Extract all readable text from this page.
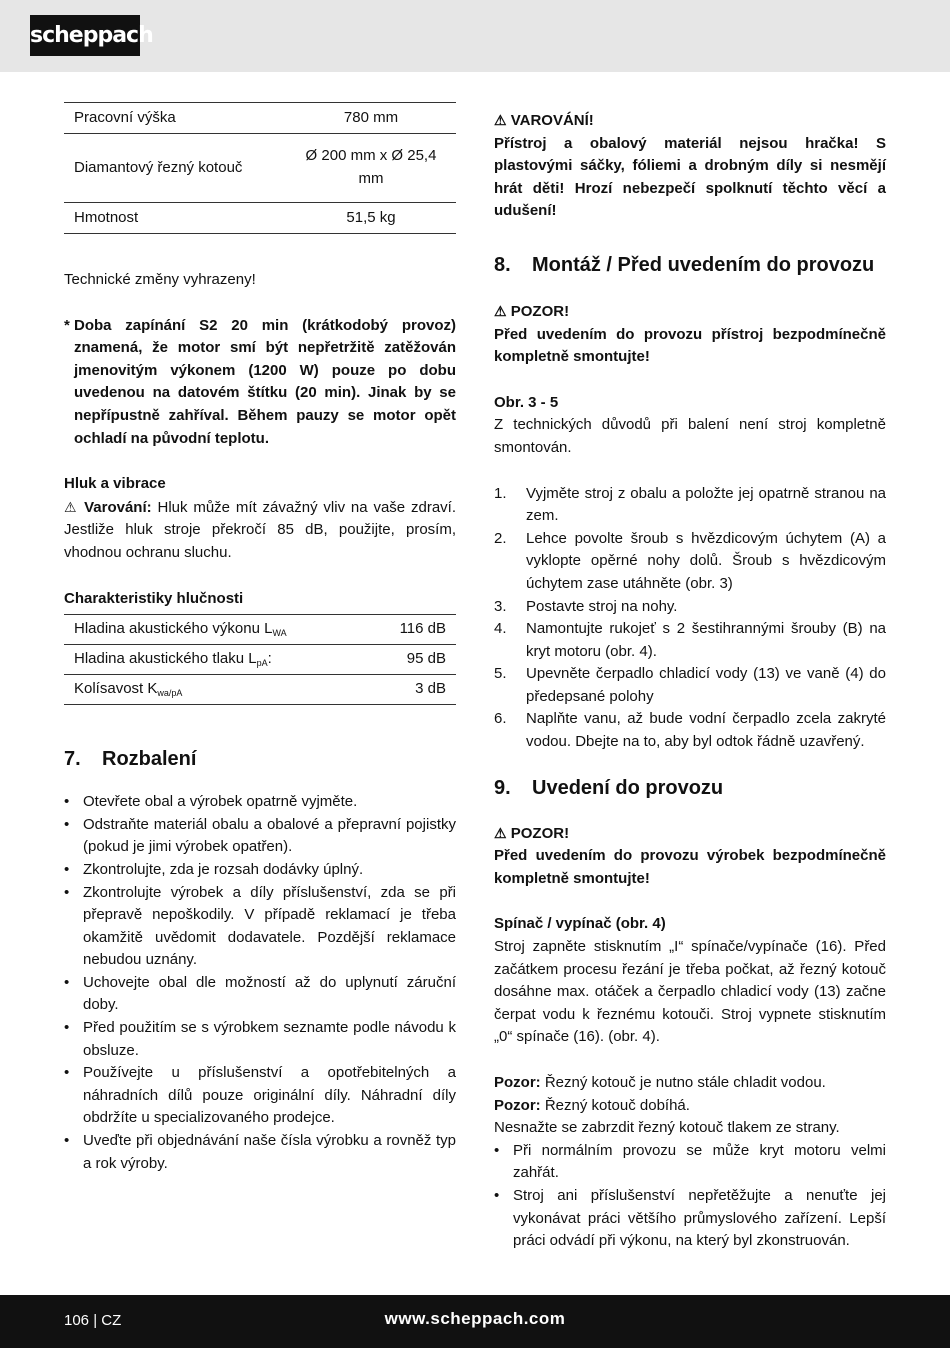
scheppach
Pracovní výška	780 mm
Diamantový řezný kotouč	Ø 200 mm x Ø 25,4 mm
Hmotnost	51,5 kg

Technické změny vyhrazeny!

* Doba zapínání S2 20 min (krátkodobý provoz) znamená, že motor smí být nepřetržitě zatěžován jmenovitým výkonem (1200 W) pouze po dobu uvedenou na datovém štítku (20 min). Jinak by se nepřípustně zahříval. Během pauzy se motor opět ochladí na původní teplotu.

Hluk a vibrace

⚠ Varování: Hluk může mít závažný vliv na vaše zdraví. Jestliže hluk stroje překročí 85 dB, použijte, prosím, vhodnou ochranu sluchu.

Charakteristiky hlučnosti

Hladina akustického výkonu $L_{WA}$	116 dB
Hladina akustického tlaku $L_{pA}$:	95 dB
Kolísavost $K_{wa/pA}$	3 dB
7. Rozbalení
• Otevřete obal a výrobek opatrně vyjměte.
• Odstraňte materiál obalu a obalové a přepravní pojistky (pokud je jimi výrobek opatřen).
• Zkontrolujte, zda je rozsah dodávky úplný.
• Zkontrolujte výrobek a díly příslušenství, zda se při přepravě nepoškodily. V případě reklamací je třeba okamžitě uvědomit dodavatele. Pozdější reklamace nebudou uznány.
• Uchovejte obal dle možností až do uplynutí záruční doby.
• Před použitím se s výrobkem seznamte podle návodu k obsluze.
• Používejte u příslušenství a opotřebitelných a náhradních dílů pouze originální díly. Náhradní díly obdržíte u specializovaného prodejce.
• Uveďte při objednávání naše čísla výrobku a rovněž typ a rok výroby.

⚠ VAROVÁNÍ!

Přístroj a obalový materiál nejsou hračka! S plastovými sáčky, fóliemi a drobným díly si nesmějí hrát děti! Hrozí nebezpečí spolknutí těchto věcí a udušení!

8. Montáž / Před uvedením do provozu

⚠ POZOR!

Před uvedením do provozu přístroj bezpodmínečně kompletně smontujte!

Obr. 3 - 5

Z technických důvodů při balení není stroj kompletně smontován.

1. Vyjměte stroj z obalu a položte jej opatrně stranou na zem.
2. Lehce povolte šroub s hvězdicovým úchytem (A) a vyklopte opěrné nohy dolů. Šroub s hvězdicovým úchytem zase utáhněte (obr. 3)
3. Postavte stroj na nohy.
4. Namontujte rukojeť s 2 šestihrannými šrouby (B) na kryt motoru (obr. 4).
5. Upevněte čerpadlo chladicí vody (13) ve vaně (4) do předepsané polohy
6. Naplňte vanu, až bude vodní čerpadlo zcela zakryté vodou. Dbejte na to, aby byl odtok řádně uzavřený.
9. Uvedení do provozu

⚠ POZOR!

Před uvedením do provozu výrobek bezpodmínečně kompletně smontujte!

Spínač / vypínač (obr. 4)

Stroj zapněte stisknutím „I“ spínače/vypínače (16). Před začátkem procesu řezání je třeba počkat, až řezný kotouč dosáhne max. otáček a čerpadlo chladicí vody (13) začne čerpat vodu k řeznému kotouči. Stroj vypnete stisknutím „0“ spínače (16). (obr. 4).

Pozor: Řezný kotouč je nutno stále chladit vodou.

Pozor: Řezný kotouč dobíhá.

Nesnažte se zabrzdit řezný kotouč tlakem ze strany.

• Při normálním provozu se může kryt motoru velmi zahřát.
• Stroj ani příslušenství nepřetěžujte a nenuťte jej vykonávat práci většího průmyslového zařízení. Lepší práci odvádí při výkonu, na který byl zkonstruován.
106 | CZ	www.scheppach.com
